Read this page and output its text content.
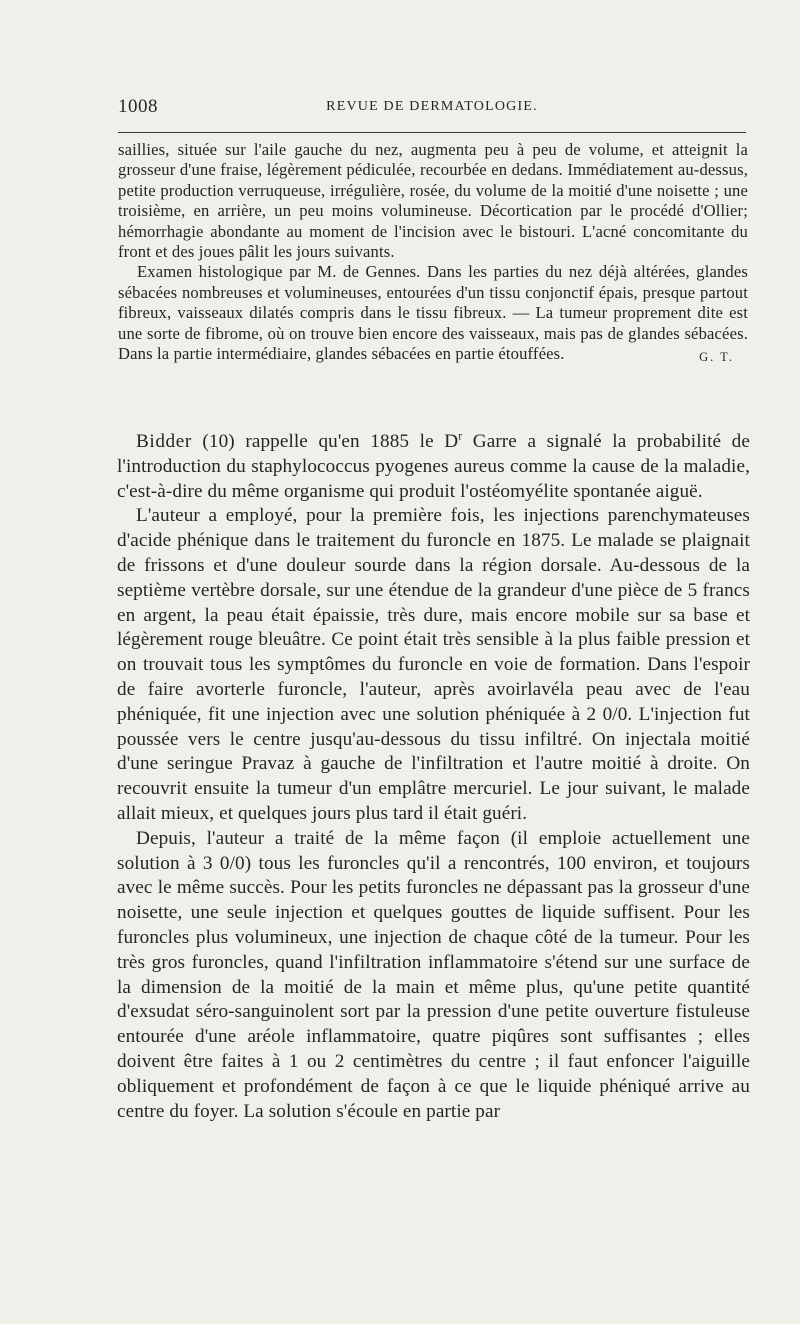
1008	REVUE DE DERMATOLOGIE.

saillies, située sur l'aile gauche du nez, augmenta peu à peu de volume, et atteignit la grosseur d'une fraise, légèrement pédiculée, recourbée en dedans. Immédiatement au-dessus, petite production verruqueuse, irrégulière, rosée, du volume de la moitié d'une noisette ; une troisième, en arrière, un peu moins volumineuse. Décortication par le procédé d'Ollier; hémorrhagie abondante au moment de l'incision avec le bistouri. L'acné concomitante du front et des joues pâlit les jours suivants.

Examen histologique par M. de Gennes. Dans les parties du nez déjà altérées, glandes sébacées nombreuses et volumineuses, entourées d'un tissu conjonctif épais, presque partout fibreux, vaisseaux dilatés compris dans le tissu fibreux. — La tumeur proprement dite est une sorte de fibrome, où on trouve bien encore des vaisseaux, mais pas de glandes sébacées. Dans la partie intermédiaire, glandes sébacées en partie étouffées.	G. T.

Bidder (10) rappelle qu'en 1885 le $D^r$ Garre a signalé la probabilité de l'introduction du staphylococcus pyogenes aureus comme la cause de la maladie, c'est-à-dire du même organisme qui produit l'ostéomyélite spontanée aiguë.

L'auteur a employé, pour la première fois, les injections parenchymateuses d'acide phénique dans le traitement du furoncle en 1875. Le malade se plaignait de frissons et d'une douleur sourde dans la région dorsale. Au-dessous de la septième vertèbre dorsale, sur une étendue de la grandeur d'une pièce de 5 francs en argent, la peau était épaissie, très dure, mais encore mobile sur sa base et légèrement rouge bleuâtre. Ce point était très sensible à la plus faible pression et on trouvait tous les symptômes du furoncle en voie de formation. Dans l'espoir de faire avorterle furoncle, l'auteur, après avoirlavéla peau avec de l'eau phéniquée, fit une injection avec une solution phéniquée à 2 0/0. L'injection fut poussée vers le centre jusqu'au-dessous du tissu infiltré. On injectala moitié d'une seringue Pravaz à gauche de l'infiltration et l'autre moitié à droite. On recouvrit ensuite la tumeur d'un emplâtre mercuriel. Le jour suivant, le malade allait mieux, et quelques jours plus tard il était guéri.

Depuis, l'auteur a traité de la même façon (il emploie actuellement une solution à 3 0/0) tous les furoncles qu'il a rencontrés, 100 environ, et toujours avec le même succès. Pour les petits furoncles ne dépassant pas la grosseur d'une noisette, une seule injection et quelques gouttes de liquide suffisent. Pour les furoncles plus volumineux, une injection de chaque côté de la tumeur. Pour les très gros furoncles, quand l'infiltration inflammatoire s'étend sur une surface de la dimension de la moitié de la main et même plus, qu'une petite quantité d'exsudat séro-sanguinolent sort par la pression d'une petite ouverture fistuleuse entourée d'une aréole inflammatoire, quatre piqûres sont suffisantes ; elles doivent être faites à 1 ou 2 centimètres du centre ; il faut enfoncer l'aiguille obliquement et profondément de façon à ce que le liquide phéniqué arrive au centre du foyer. La solution s'écoule en partie par
